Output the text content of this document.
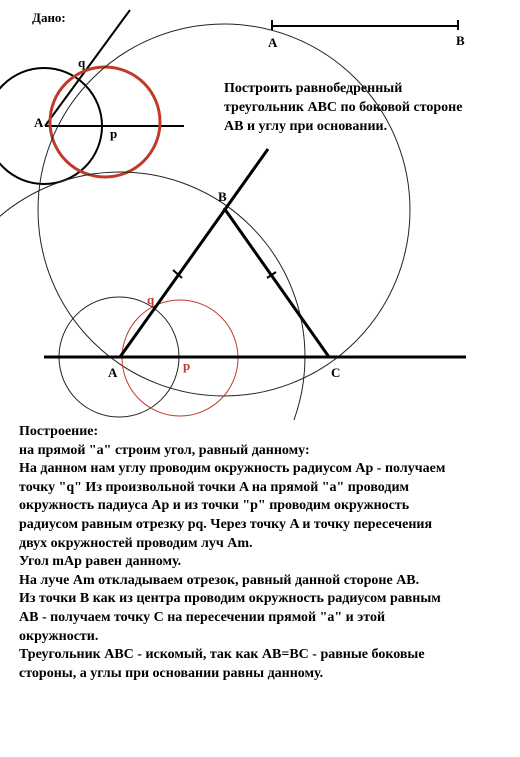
Дано:
A	B
A
q
p
A
B
C
q
p
Построить равнобедренный
треугольник ABC по боковой стороне
AB и углу при основании.
Построение:
на прямой "a" строим угол, равный данному:
На данном нам углу проводим окружность радиусом Ap - получаем
точку "q" Из произвольной точки A на прямой "a" проводим
окружность падиуса Ap и из точки "p" проводим окружность
радиусом равным отрезку pq. Через точку A и точку пересечения
двух окружностей проводим луч Am.
Угол mAp равен данному.
На луче Am откладываем отрезок, равный данной стороне AB.
Из точки B как из центра проводим окружность радиусом равным
AB - получаем точку C на пересечении прямой "a" и этой
окружности.
Треугольник ABC - искомый, так как AB=BC - равные боковые
стороны, а углы при основании равны данному.
